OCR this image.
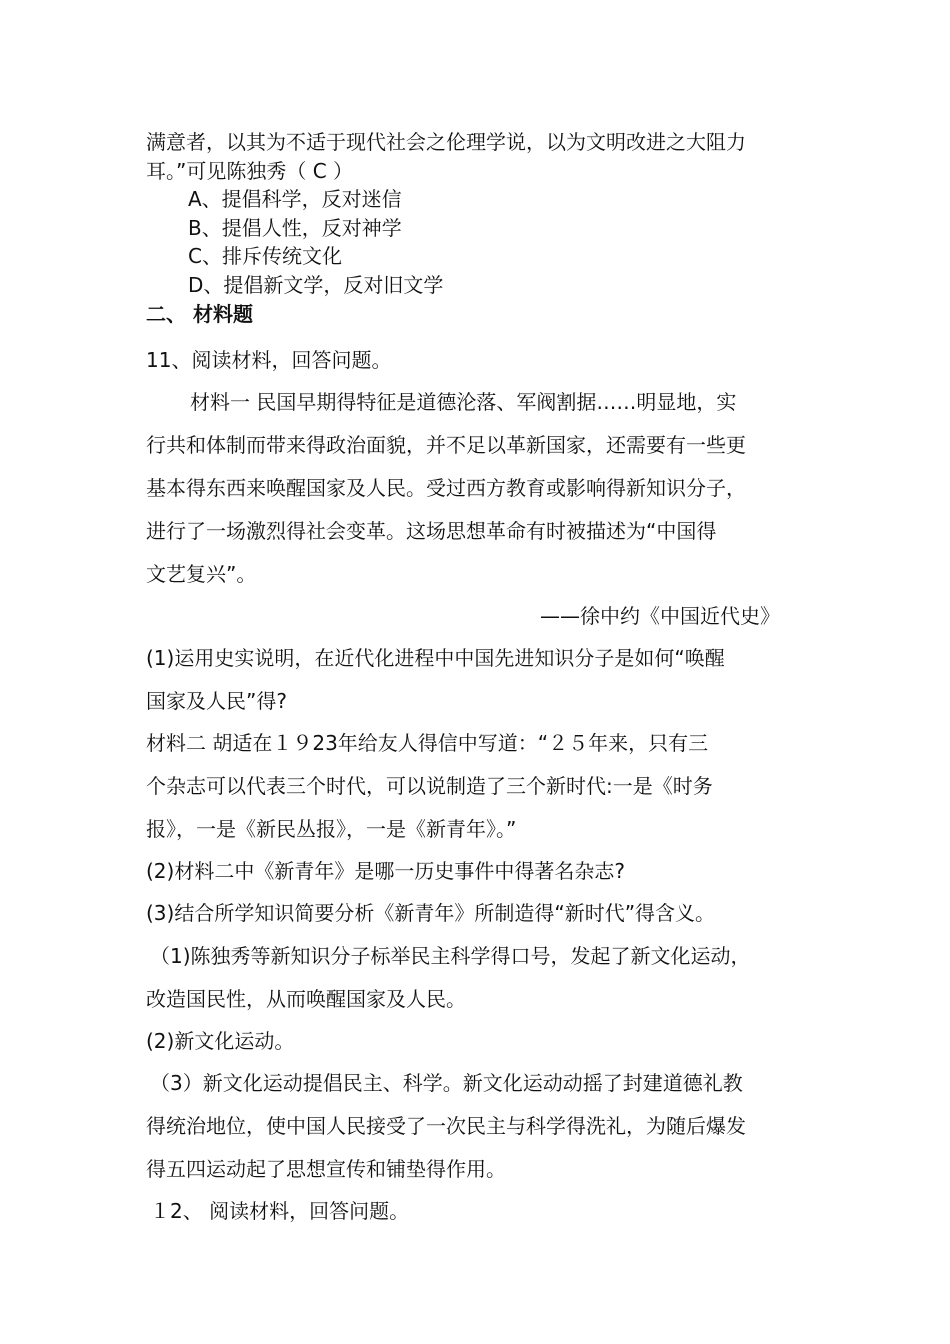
满意者，以其为不适于现代社会之伦理学说，以为文明改进之大阻力
耳。”可见陈独秀（ C ）
A、提倡科学，反对迷信
B、提倡人性，反对神学
C、排斥传统文化
D、提倡新文学，反对旧文学
二、 材料题
11、阅读材料，回答问题。
材料一 民国早期得特征是道德沦落、军阀割据……明显地，实
行共和体制而带来得政治面貌，并不足以革新国家，还需要有一些更
基本得东西来唤醒国家及人民。受过西方教育或影响得新知识分子，
进行了一场激烈得社会变革。这场思想革命有时被描述为“中国得
文艺复兴”。
——徐中约《中国近代史》
(1)运用史实说明，在近代化进程中中国先进知识分子是如何“唤醒
国家及人民”得?
材料二 胡适在１９23年给友人得信中写道：“２５年来，只有三
个杂志可以代表三个时代，可以说制造了三个新时代:一是《时务
报》，一是《新民丛报》，一是《新青年》。”
(2)材料二中《新青年》是哪一历史事件中得著名杂志?
(3)结合所学知识简要分析《新青年》所制造得“新时代”得含义。
（1)陈独秀等新知识分子标举民主科学得口号，发起了新文化运动，
改造国民性，从而唤醒国家及人民。
(2)新文化运动。
（3）新文化运动提倡民主、科学。新文化运动动摇了封建道德礼教
得统治地位，使中国人民接受了一次民主与科学得洗礼，为随后爆发
得五四运动起了思想宣传和铺垫得作用。
１2、 阅读材料，回答问题。
